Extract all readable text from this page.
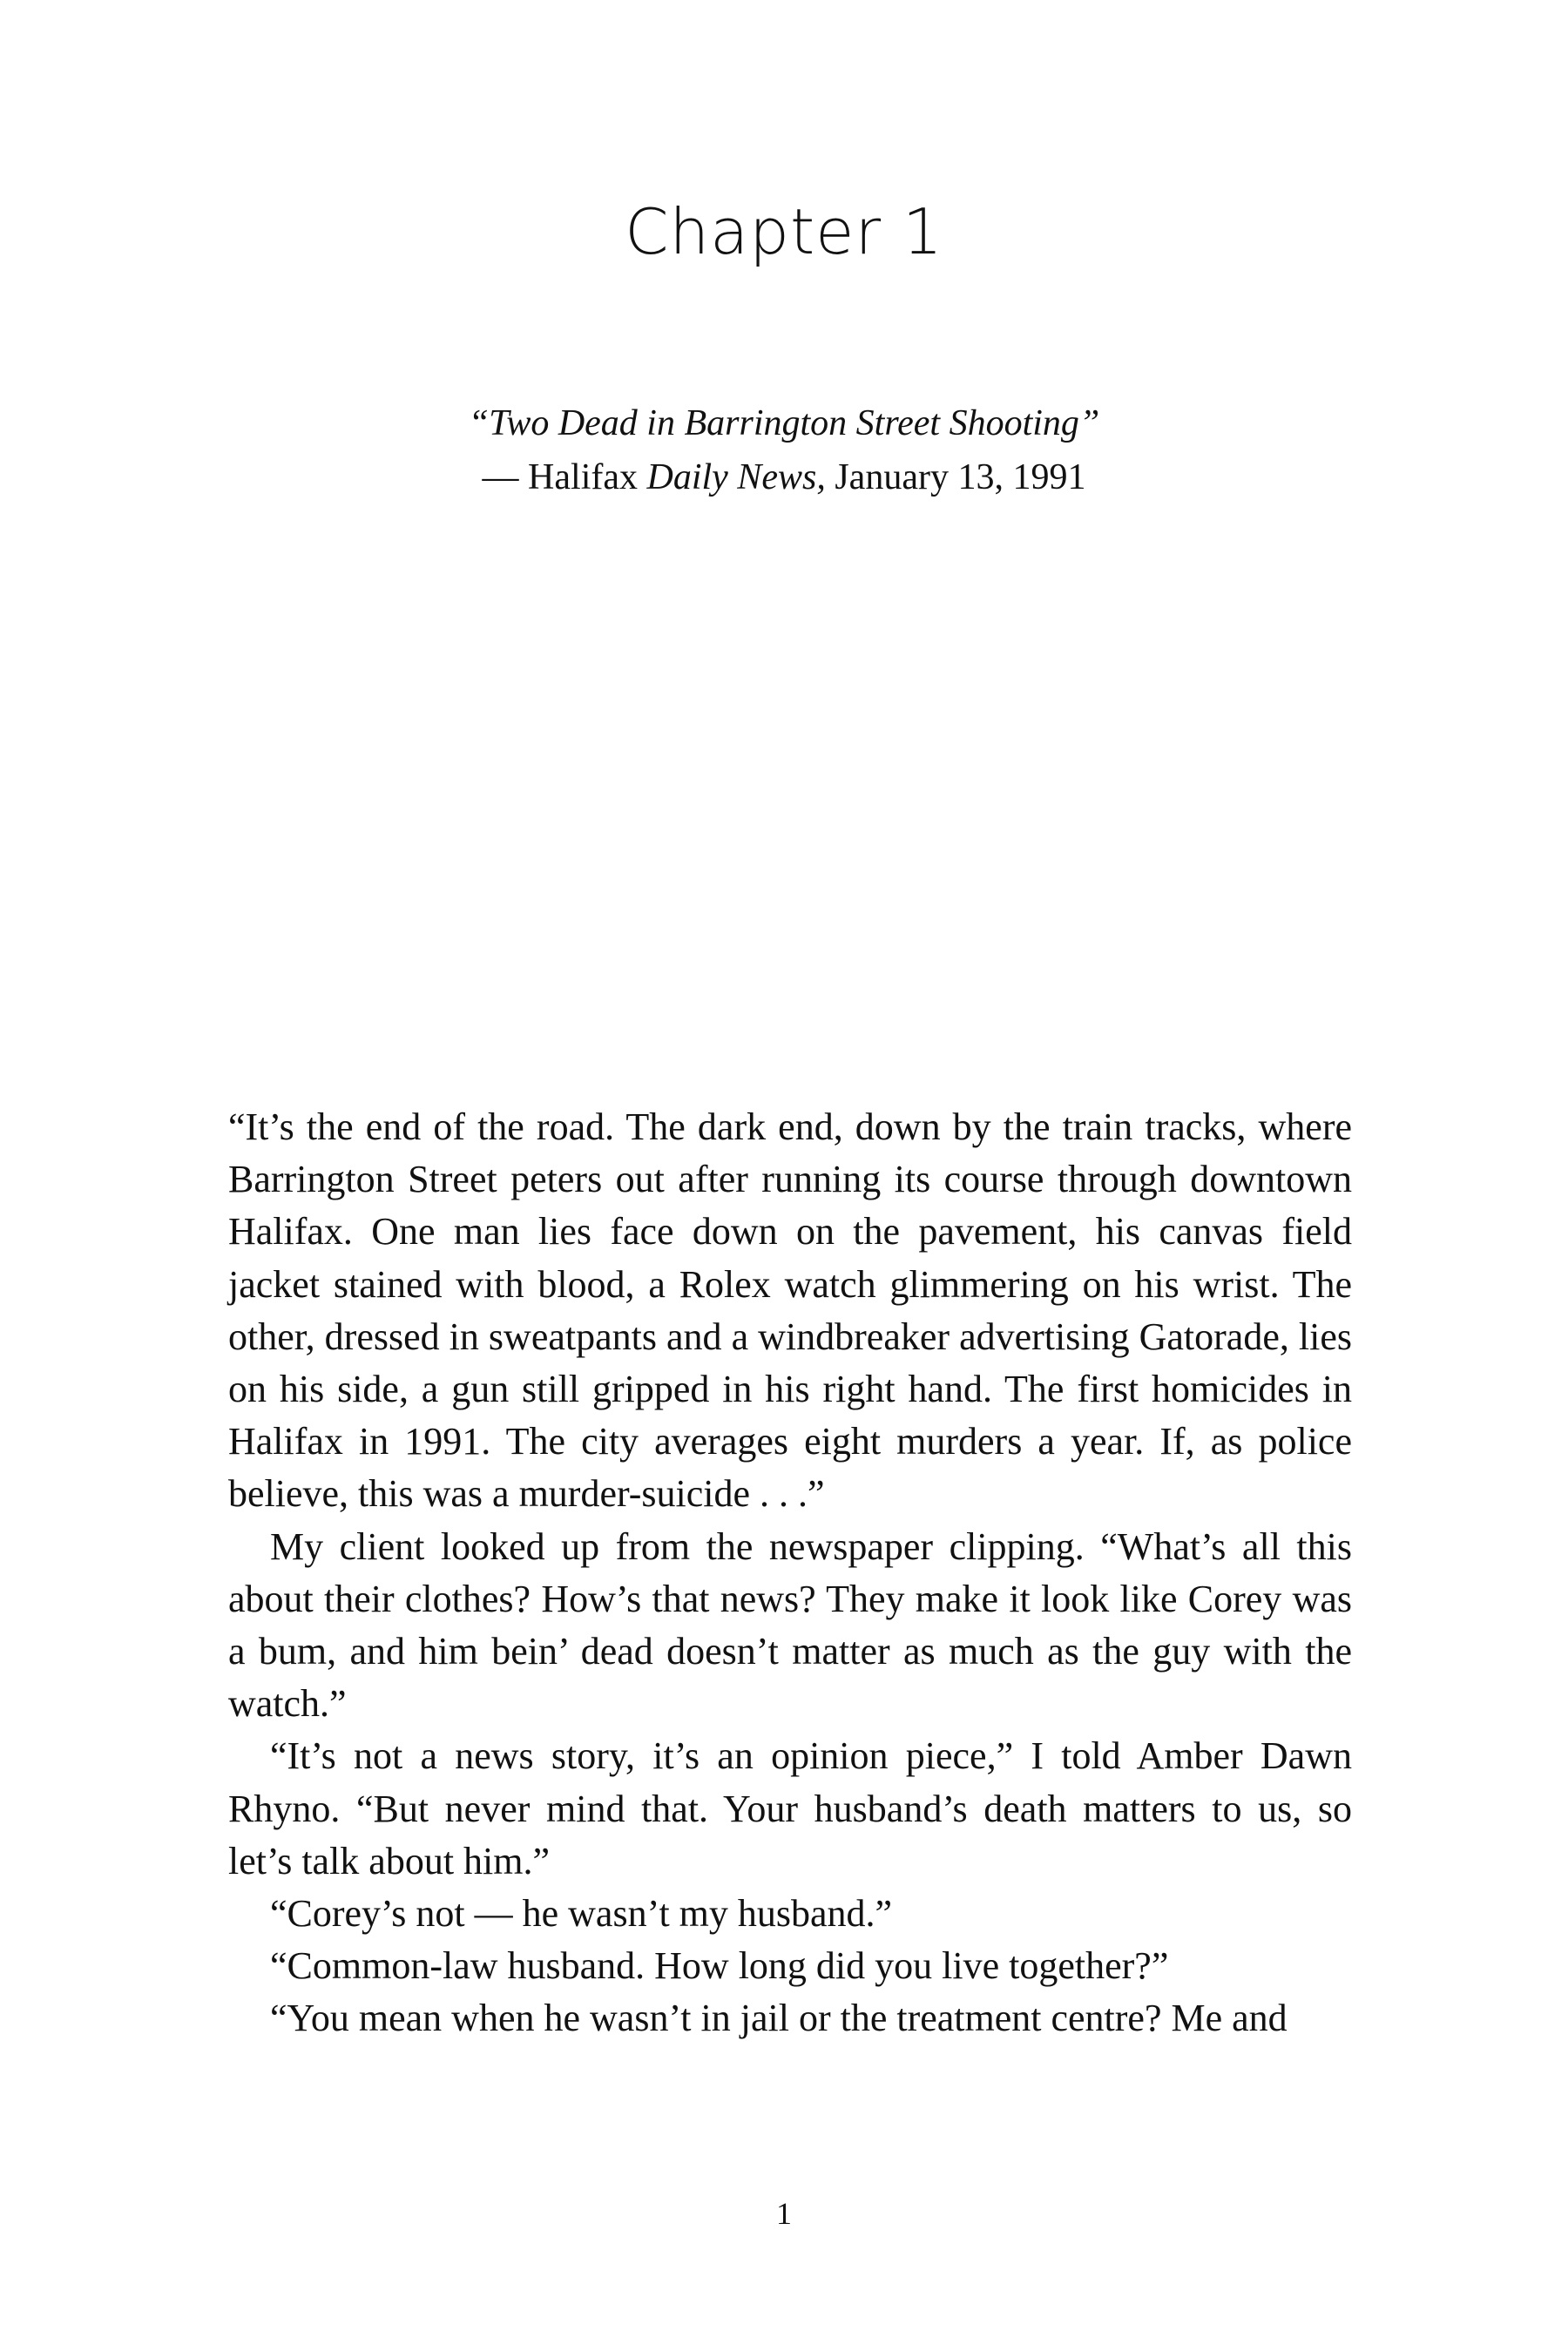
Chapter 1
“Two Dead in Barrington Street Shooting”
— Halifax Daily News, January 13, 1991

“It’s the end of the road. The dark end, down by the train tracks, where Barrington Street peters out after running its course through downtown Halifax. One man lies face down on the pavement, his canvas field jacket stained with blood, a Rolex watch glimmering on his wrist. The other, dressed in sweatpants and a windbreaker advertising Gatorade, lies on his side, a gun still gripped in his right hand. The first homicides in Halifax in 1991. The city averages eight murders a year. If, as police believe, this was a murder-suicide . . .”

My client looked up from the newspaper clipping. “What’s all this about their clothes? How’s that news? They make it look like Corey was a bum, and him bein’ dead doesn’t matter as much as the guy with the watch.”

“It’s not a news story, it’s an opinion piece,” I told Amber Dawn Rhyno. “But never mind that. Your husband’s death matters to us, so let’s talk about him.”

“Corey’s not — he wasn’t my husband.”

“Common-law husband. How long did you live together?”

“You mean when he wasn’t in jail or the treatment centre? Me and

1
